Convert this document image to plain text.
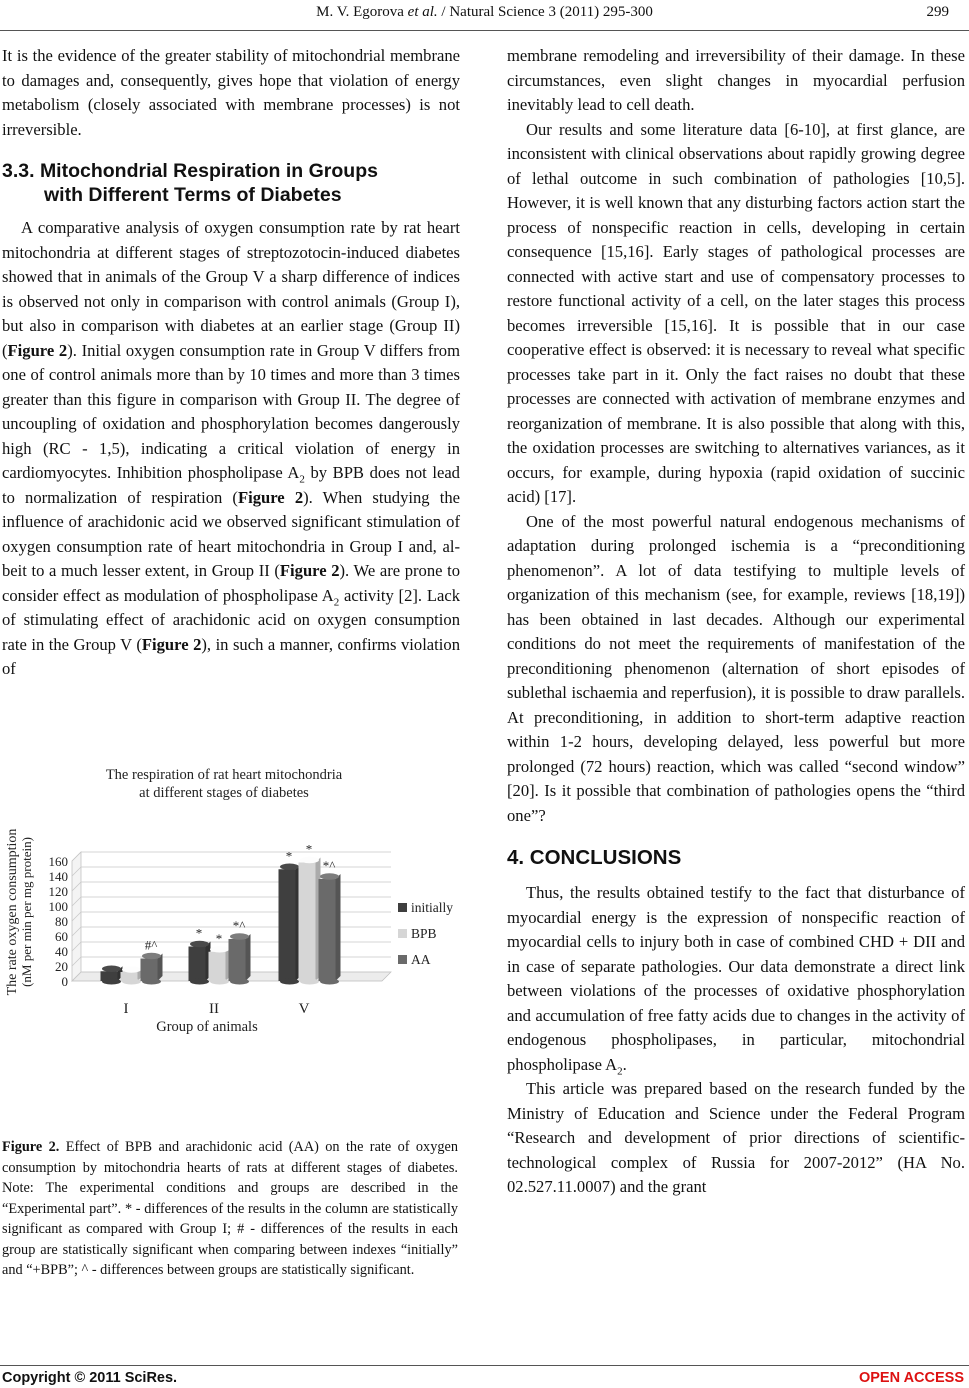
M. V. Egorova et al. / Natural Science 3 (2011) 295-300	299

It is the evidence of the greater stability of mitochondrial membrane to damages and, consequently, gives hope that violation of energy metabolism (closely associated with membrane processes) is not irreversible.

3.3. Mitochondrial Respiration in Groups
with Different Terms of Diabetes

A comparative analysis of oxygen consumption rate by rat heart mitochondria at different stages of streptozotocin-induced diabetes showed that in animals of the Group V a sharp difference of indices is observed not only in comparison with control animals (Group I), but also in comparison with diabetes at an earlier stage (Group II) (Figure 2). Initial oxygen consumption rate in Group V differs from one of control animals more than by 10 times and more than 3 times greater than this figure in comparison with Group II. The degree of uncoupling of oxidation and phosphorylation becomes dangerously high (RC - 1,5), indicating a critical violation of energy in cardiomyocytes. Inhibition phospholipase $A_2$ by BPB does not lead to normalization of respiration (Figure 2). When studying the influence of arachidonic acid we observed significant stimulation of oxygen consumption rate of heart mitochondria in Group I and, albeit to a much lesser extent, in Group II (Figure 2). We are prone to consider effect as modulation of phospholipase $A_2$ activity [2]. Lack of stimulating effect of arachidonic acid on oxygen consumption rate in the Group V (Figure 2), in such a manner, confirms violation of

The respiration of rat heart mitochondria
at different stages of diabetes
0
20
40
60
80
100
120
140
160
#^
* *
*^
* *
*^
I	II	V
initially
BPB
AA
The rate oxygen consumption (nM per min per mg protein)
Group of animals

Figure 2. Effect of BPB and arachidonic acid (AA) on the rate of oxygen consumption by mitochondria hearts of rats at different stages of diabetes. Note: The experimental conditions and groups are described in the “Experimental part”. * - differences of the results in the column are statistically significant as compared with Group I; # - differences of the results in each group are statistically significant when comparing between indexes “initially” and “+BPB”; ^ - differences between groups are statistically significant.

membrane remodeling and irreversibility of their damage. In these circumstances, even slight changes in myocardial perfusion inevitably lead to cell death.

Our results and some literature data [6-10], at first glance, are inconsistent with clinical observations about rapidly growing degree of lethal outcome in such combination of pathologies [10,5]. However, it is well known that any disturbing factors action start the process of nonspecific reaction in cells, developing in certain consequence [15,16]. Early stages of pathological processes are connected with active start and use of compensatory processes to restore functional activity of a cell, on the later stages this process becomes irreversible [15,16]. It is possible that in our case cooperative effect is observed: it is necessary to reveal what specific processes take part in it. Only the fact raises no doubt that these processes are connected with activation of membrane enzymes and reorganization of membrane. It is also possible that along with this, the oxidation processes are switching to alternatives variances, as it occurs, for example, during hypoxia (rapid oxidation of succinic acid) [17].

One of the most powerful natural endogenous mechanisms of adaptation during prolonged ischemia is a “preconditioning phenomenon”. A lot of data testifying to multiple levels of organization of this mechanism (see, for example, reviews [18,19]) has been obtained in last decades. Although our experimental conditions do not meet the requirements of manifestation of the preconditioning phenomenon (alternation of short episodes of sublethal ischaemia and reperfusion), it is possible to draw parallels. At preconditioning, in addition to short-term adaptive reaction within 1-2 hours, developing delayed, less powerful but more prolonged (72 hours) reaction, which was called “second window” [20]. Is it possible that combination of pathologies opens the “third one”?

4. CONCLUSIONS

Thus, the results obtained testify to the fact that disturbance of myocardial energy is the expression of nonspecific reaction of myocardial cells to injury both in case of combined CHD + DII and in case of separate pathologies. Our data demonstrate a direct link between violations of the processes of oxidative phosphorylation and accumulation of free fatty acids due to changes in the activity of endogenous phospholipases, in particular, mitochondrial phospholipase $A_2$.

This article was prepared based on the research funded by the Ministry of Education and Science under the Federal Program “Research and development of prior directions of scientific-technological complex of Russia for 2007-2012” (HA No. 02.527.11.0007) and the grant

Copyright © 2011 SciRes.	OPEN ACCESS
